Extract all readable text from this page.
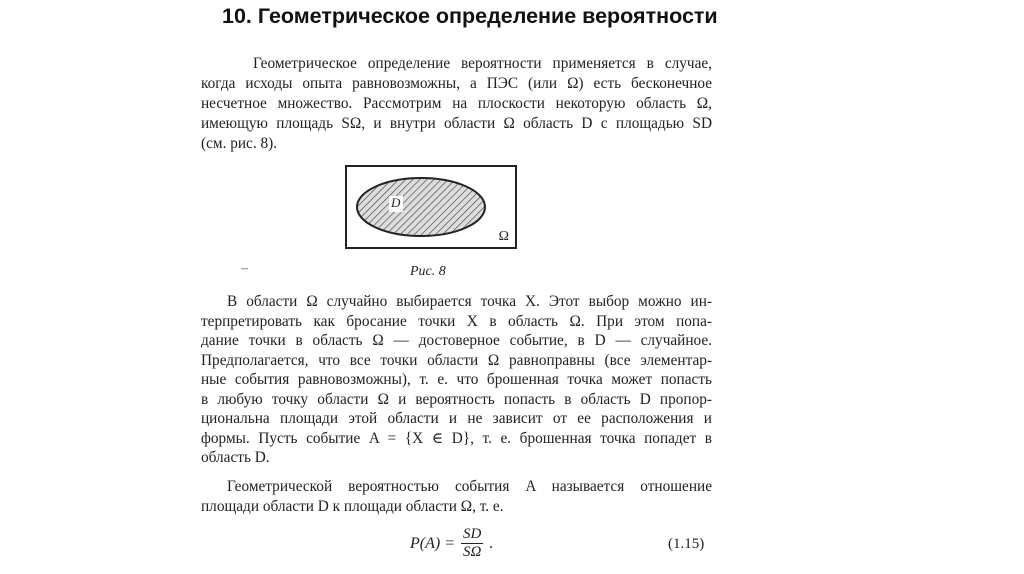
10. Геометрическое определение вероятности
Геометрическое определение вероятности применяется в случае,
когда исходы опыта равновозможны, а ПЭС (или Ω) есть бесконечное
несчетное множество. Рассмотрим на плоскости некоторую область Ω,
имеющую площадь SΩ, и внутри области Ω область D с площадью SD
(см. рис. 8).
D
Ω
–	Рис. 8
В области Ω случайно выбирается точка X. Этот выбор можно ин-
терпретировать как бросание точки X в область Ω. При этом попа-
дание точки в область Ω — достоверное событие, в D — случайное.
Предполагается, что все точки области Ω равноправны (все элементар-
ные события равновозможны), т. е. что брошенная точка может попасть
в любую точку области Ω и вероятность попасть в область D пропор-
циональна площади этой области и не зависит от ее расположения и
формы. Пусть событие A = {X ∈ D}, т. е. брошенная точка попадет в
область D.
Геометрической вероятностью события A называется отношение
площади области D к площади области Ω, т. е.
$P(A) = \frac{SD}{S\Omega}$ .	(1.15)
